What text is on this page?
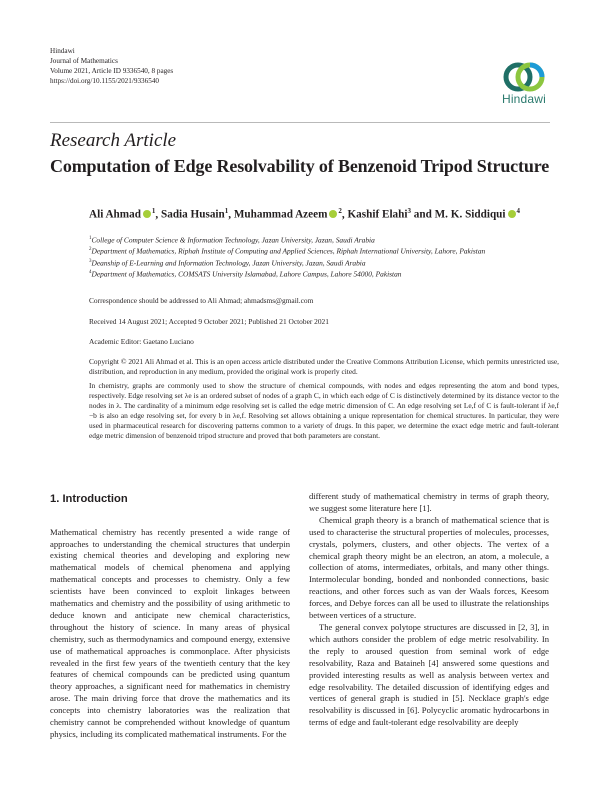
Hindawi
Journal of Mathematics
Volume 2021, Article ID 9336540, 8 pages
https://doi.org/10.1155/2021/9336540
Hindawi
Research Article
Computation of Edge Resolvability of Benzenoid Tripod Structure
Ali Ahmad $^1$, Sadia Husain$^1$, Muhammad Azeem $^2$, Kashif Elahi$^3$ and M. K. Siddiqui $^4$
$^1$College of Computer Science & Information Technology, Jazan University, Jazan, Saudi Arabia
$^2$Department of Mathematics, Riphah Institute of Computing and Applied Sciences, Riphah International University, Lahore, Pakistan
$^3$Deanship of E-Learning and Information Technology, Jazan University, Jazan, Saudi Arabia
$^4$Department of Mathematics, COMSATS University Islamabad, Lahore Campus, Lahore 54000, Pakistan
Correspondence should be addressed to Ali Ahmad; ahmadsms@gmail.com
Received 14 August 2021; Accepted 9 October 2021; Published 21 October 2021
Academic Editor: Gaetano Luciano

Copyright © 2021 Ali Ahmad et al. This is an open access article distributed under the Creative Commons Attribution License, which permits unrestricted use, distribution, and reproduction in any medium, provided the original work is properly cited.

In chemistry, graphs are commonly used to show the structure of chemical compounds, with nodes and edges representing the atom and bond types, respectively. Edge resolving set λe is an ordered subset of nodes of a graph C, in which each edge of C is distinctively determined by its distance vector to the nodes in λ. The cardinality of a minimum edge resolving set is called the edge metric dimension of C. An edge resolving set Le,f of C is fault-tolerant if λe,f −b is also an edge resolving set, for every b in λe,f. Resolving set allows obtaining a unique representation for chemical structures. In particular, they were used in pharmaceutical research for discovering patterns common to a variety of drugs. In this paper, we determine the exact edge metric and fault-tolerant edge metric dimension of benzenoid tripod structure and proved that both parameters are constant.

1. Introduction

Mathematical chemistry has recently presented a wide range of approaches to understanding the chemical structures that underpin existing chemical theories and developing and exploring new mathematical models of chemical phenomena and applying mathematical concepts and processes to chemistry. Only a few scientists have been convinced to exploit linkages between mathematics and chemistry and the possibility of using arithmetic to deduce known and anticipate new chemical characteristics, throughout the history of science. In many areas of physical chemistry, such as thermodynamics and compound energy, extensive use of mathematical approaches is commonplace. After physicists revealed in the first few years of the twentieth century that the key features of chemical compounds can be predicted using quantum theory approaches, a significant need for mathematics in chemistry arose. The main driving force that drove the mathematics and its concepts into chemistry laboratories was the realization that chemistry cannot be comprehended without knowledge of quantum physics, including its complicated mathematical instruments. For the

different study of mathematical chemistry in terms of graph theory, we suggest some literature here [1].

Chemical graph theory is a branch of mathematical science that is used to characterise the structural properties of molecules, processes, crystals, polymers, clusters, and other objects. The vertex of a chemical graph theory might be an electron, an atom, a molecule, a collection of atoms, intermediates, orbitals, and many other things. Intermolecular bonding, bonded and nonbonded connections, basic reactions, and other forces such as van der Waals forces, Keesom forces, and Debye forces can all be used to illustrate the relationships between vertices of a structure.

The general convex polytope structures are discussed in [2, 3], in which authors consider the problem of edge metric resolvability. In the reply to aroused question from seminal work of edge resolvability, Raza and Bataineh [4] answered some questions and provided interesting results as well as analysis between vertex and edge resolvability. The detailed discussion of identifying edges and vertices of general graph is studied in [5]. Necklace graph's edge resolvability is discussed in [6]. Polycyclic aromatic hydrocarbons in terms of edge and fault-tolerant edge resolvability are deeply
